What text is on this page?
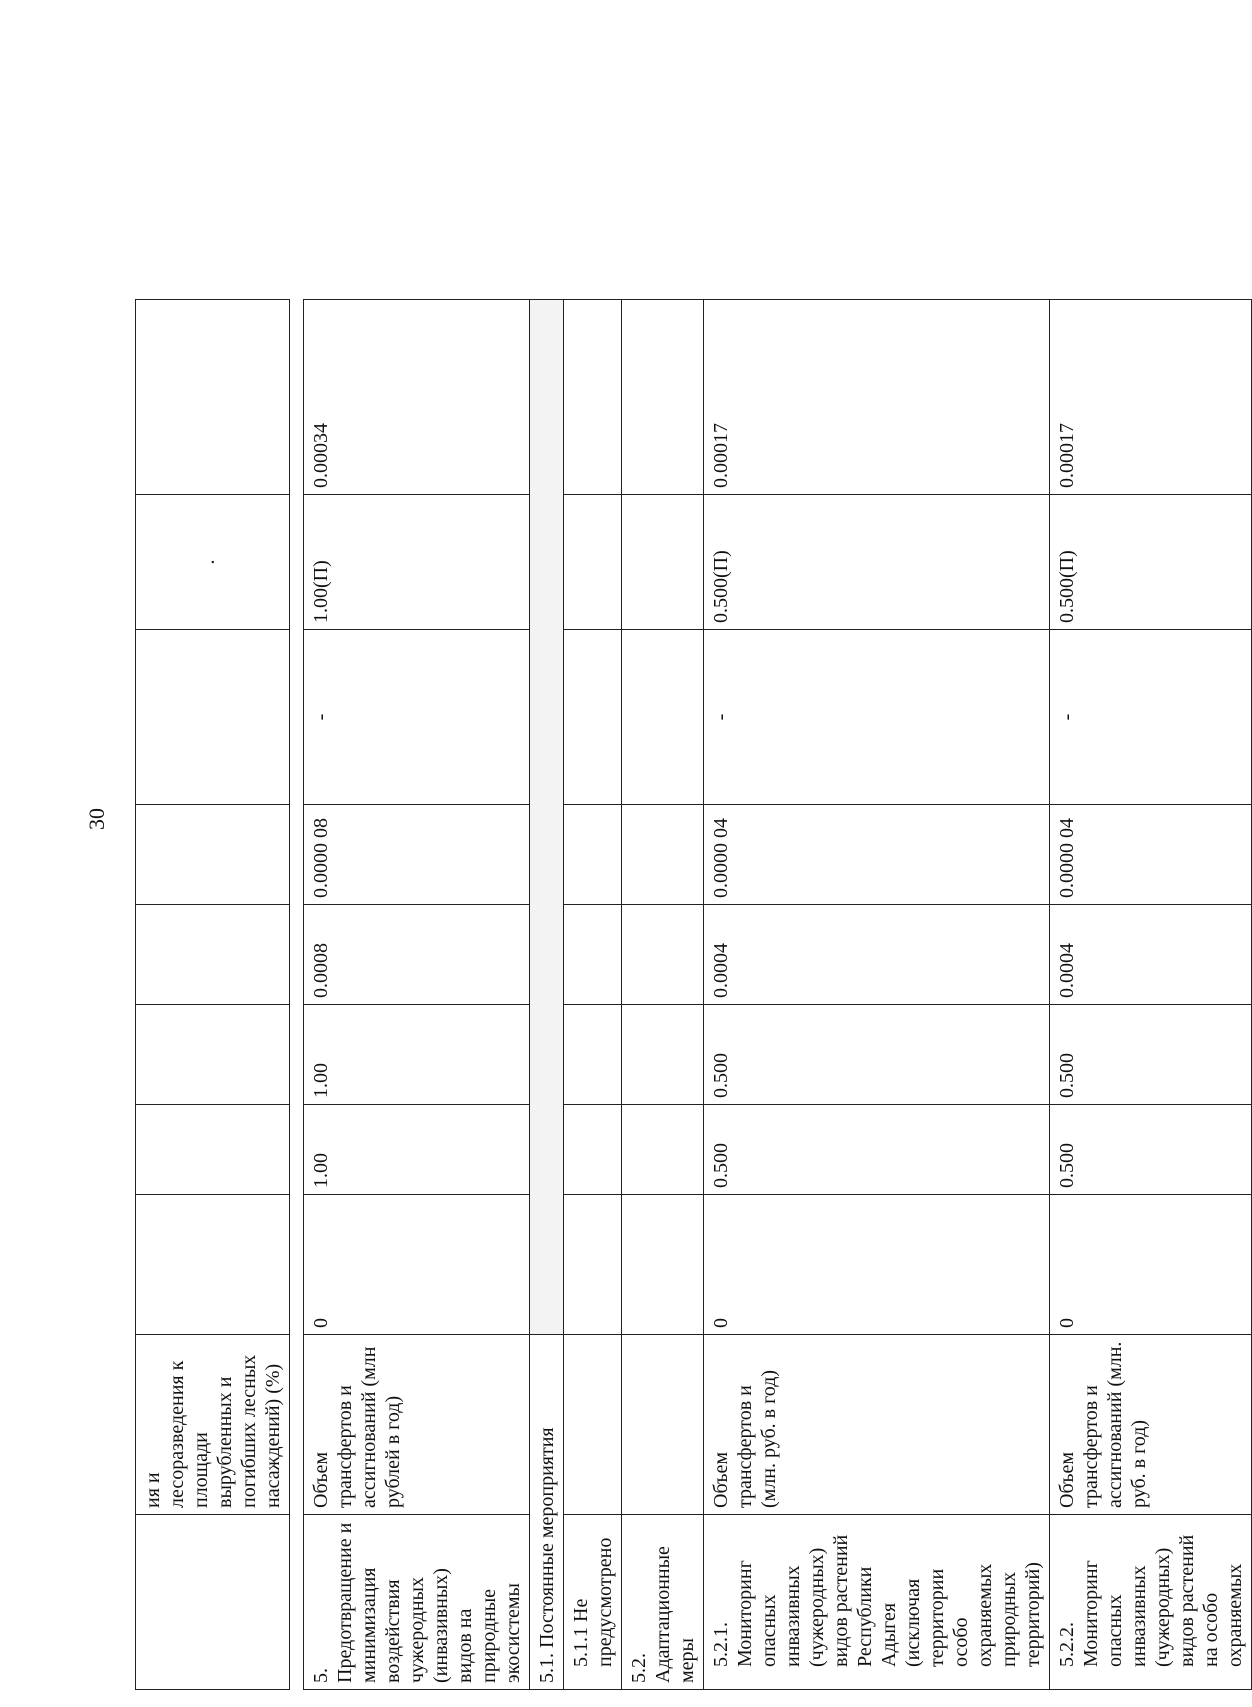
30
	ия и лесоразведения к площади вырубленных и погибших лесных насаждений) (%)							.	
5. Предотвращение и минимизация воздействия чужеродных (инвазивных) видов на природные экосистемы	Объем трансфертов и ассигнований (млн рублей в год)	0	1.00	1.00	0.0008	0.0000 08	-	1.00(П)	0.00034
5.1. Постоянные мероприятия									
5.1.1 Не предусмотрено									
5.2. Адаптационные меры									
5.2.1. Мониторинг опасных инвазивных (чужеродных) видов растений Республики Адыгея (исключая территории особо охраняемых природных территорий)	Объем трансфертов и (млн. руб. в год)	0	0.500	0.500	0.0004	0.0000 04	-	0.500(П)	0.00017
5.2.2. Мониторинг опасных инвазивных (чужеродных) видов растений на особо охраняемых	Объем трансфертов и ассигнований (млн. руб. в год)	0	0.500	0.500	0.0004	0.0000 04	-	0.500(П)	0.00017
